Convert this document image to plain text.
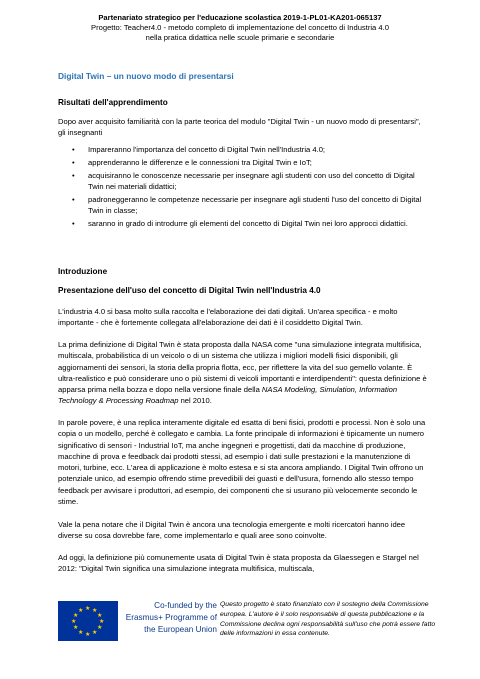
Partenariato strategico per l'educazione scolastica 2019-1-PL01-KA201-065137
Progetto: Teacher4.0 - metodo completo di implementazione del concetto di Industria 4.0
nella pratica didattica nelle scuole primarie e secondarie
Digital Twin – un nuovo modo di presentarsi
Risultati dell'apprendimento
Dopo aver acquisito familiarità con la parte teorica del modulo "Digital Twin - un nuovo modo di presentarsi", gli insegnanti
• Impareranno l'importanza del concetto di Digital Twin nell'Industria 4.0;
• apprenderanno le differenze e le connessioni tra Digital Twin e IoT;
• acquisiranno le conoscenze necessarie per insegnare agli studenti con uso del concetto di Digital Twin nei materiali didattici;
• padroneggeranno le competenze necessarie per insegnare agli studenti l'uso del concetto di Digital Twin in classe;
• saranno in grado di introdurre gli elementi del concetto di Digital Twin nei loro approcci didattici.
Introduzione
Presentazione dell'uso del concetto di Digital Twin nell'Industria 4.0
L'industria 4.0 si basa molto sulla raccolta e l'elaborazione dei dati digitali. Un'area specifica - e molto importante - che è fortemente collegata all'elaborazione dei dati è il cosiddetto Digital Twin.
La prima definizione di Digital Twin è stata proposta dalla NASA come "una simulazione integrata multifisica, multiscala, probabilistica di un veicolo o di un sistema che utilizza i migliori modelli fisici disponibili, gli aggiornamenti dei sensori, la storia della propria flotta, ecc, per riflettere la vita del suo gemello volante. È ultra-realistico e può considerare uno o più sistemi di veicoli importanti e interdipendenti": questa definizione è apparsa prima nella bozza e dopo nella versione finale della NASA Modeling, Simulation, Information Technology & Processing Roadmap nel 2010.
In parole povere, è una replica interamente digitale ed esatta di beni fisici, prodotti e processi. Non è solo una copia o un modello, perché è collegato e cambia. La fonte principale di informazioni è tipicamente un numero significativo di sensori - Industrial IoT, ma anche ingegneri e progettisti, dati da macchine di produzione, macchine di prova e feedback dai prodotti stessi, ad esempio i dati sulle prestazioni e la manutenzione di motori, turbine, ecc. L'area di applicazione è molto estesa e si sta ancora ampliando. I Digital Twin offrono un potenziale unico, ad esempio offrendo stime prevedibili dei guasti e dell'usura, fornendo allo stesso tempo feedback per avvisare i produttori, ad esempio, dei componenti che si usurano più velocemente secondo le stime.
Vale la pena notare che il Digital Twin è ancora una tecnologia emergente e molti ricercatori hanno idee diverse su cosa dovrebbe fare, come implementarlo e quali aree sono coinvolte.
Ad oggi, la definizione più comunemente usata di Digital Twin è stata proposta da Glaessegen e Stargel nel 2012: "Digital Twin significa una simulazione integrata multifisica, multiscala,
★ ★
★
★
★
★
★
★
★
★
★
★
Co-funded by the Erasmus+ Programme of the European Union
Questo progetto è stato finanziato con il sostegno della Commissione europea. L'autore è il solo responsabile di questa pubblicazione e la Commissione declina ogni responsabilità sull'uso che potrà essere fatto delle informazioni in essa contenute.
